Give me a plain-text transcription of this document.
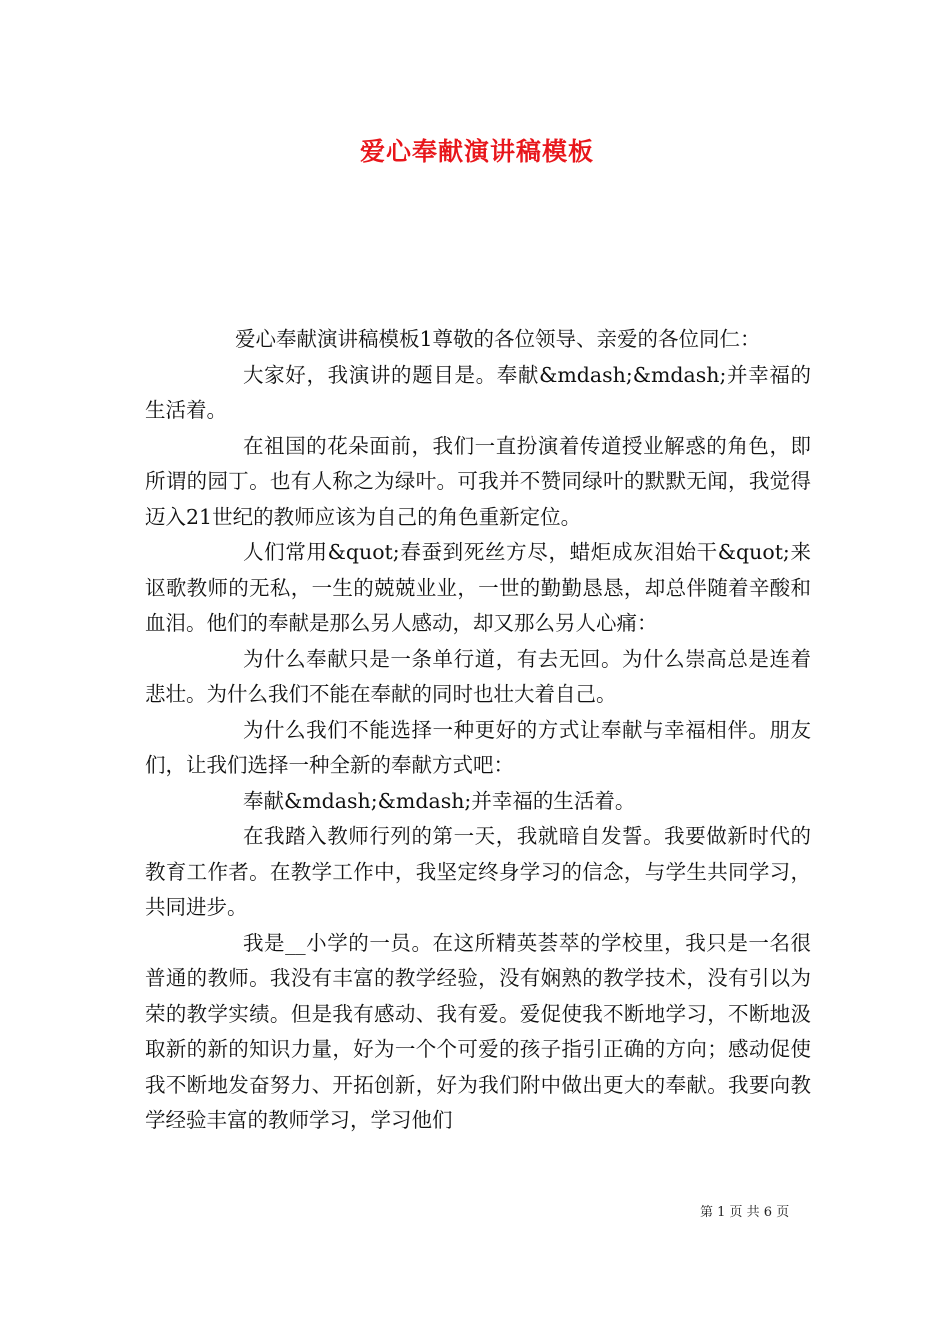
爱心奉献演讲稿模板

爱心奉献演讲稿模板1尊敬的各位领导、亲爱的各位同仁：

大家好，我演讲的题目是。奉献&mdash;&mdash;并幸福的生活着。

在祖国的花朵面前，我们一直扮演着传道授业解惑的角色，即所谓的园丁。也有人称之为绿叶。可我并不赞同绿叶的默默无闻，我觉得迈入21世纪的教师应该为自己的角色重新定位。

人们常用&quot;春蚕到死丝方尽，蜡炬成灰泪始干&quot;来讴歌教师的无私，一生的兢兢业业，一世的勤勤恳恳，却总伴随着辛酸和血泪。他们的奉献是那么另人感动，却又那么另人心痛：

为什么奉献只是一条单行道，有去无回。为什么崇高总是连着悲壮。为什么我们不能在奉献的同时也壮大着自己。

为什么我们不能选择一种更好的方式让奉献与幸福相伴。朋友们，让我们选择一种全新的奉献方式吧：

奉献&mdash;&mdash;并幸福的生活着。

在我踏入教师行列的第一天，我就暗自发誓。我要做新时代的教育工作者。在教学工作中，我坚定终身学习的信念，与学生共同学习，共同进步。

我是__小学的一员。在这所精英荟萃的学校里，我只是一名很普通的教师。我没有丰富的教学经验，没有娴熟的教学技术，没有引以为荣的教学实绩。但是我有感动、我有爱。爱促使我不断地学习，不断地汲取新的新的知识力量，好为一个个可爱的孩子指引正确的方向；感动促使我不断地发奋努力、开拓创新，好为我们附中做出更大的奉献。我要向教学经验丰富的教师学习，学习他们

第 1 页 共 6 页
